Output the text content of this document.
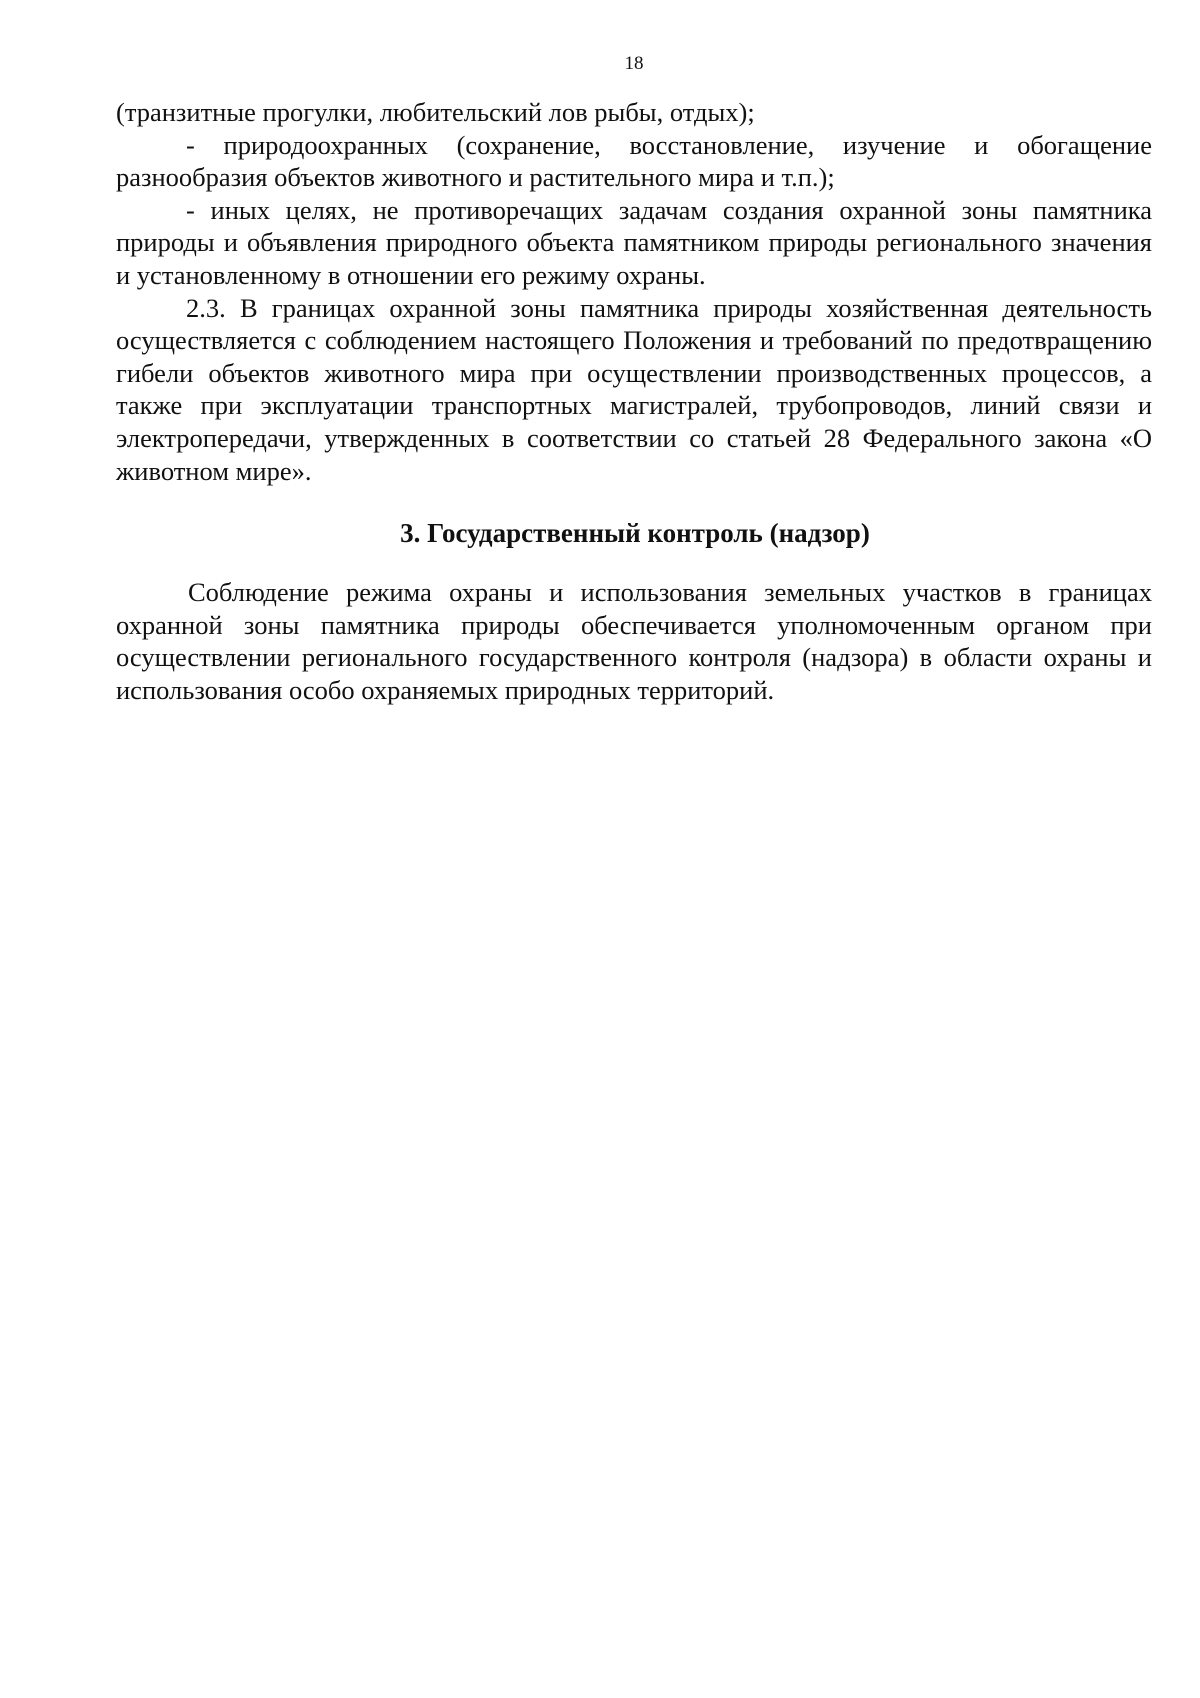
18

(транзитные прогулки, любительский лов рыбы, отдых);

- природоохранных (сохранение, восстановление, изучение и обогащение разнообразия объектов животного и растительного мира и т.п.);

- иных целях, не противоречащих задачам создания охранной зоны памятника природы и объявления природного объекта памятником природы регионального значения и установленному в отношении его режиму охраны.

2.3. В границах охранной зоны памятника природы хозяйственная деятельность осуществляется с соблюдением настоящего Положения и требований по предотвращению гибели объектов животного мира при осуществлении производственных процессов, а также при эксплуатации транспортных магистралей, трубопроводов, линий связи и электропередачи, утвержденных в соответствии со статьей 28 Федерального закона «О животном мире».

3. Государственный контроль (надзор)

Соблюдение режима охраны и использования земельных участков в границах охранной зоны памятника природы обеспечивается уполномоченным органом при осуществлении регионального государственного контроля (надзора) в области охраны и использования особо охраняемых природных территорий.
